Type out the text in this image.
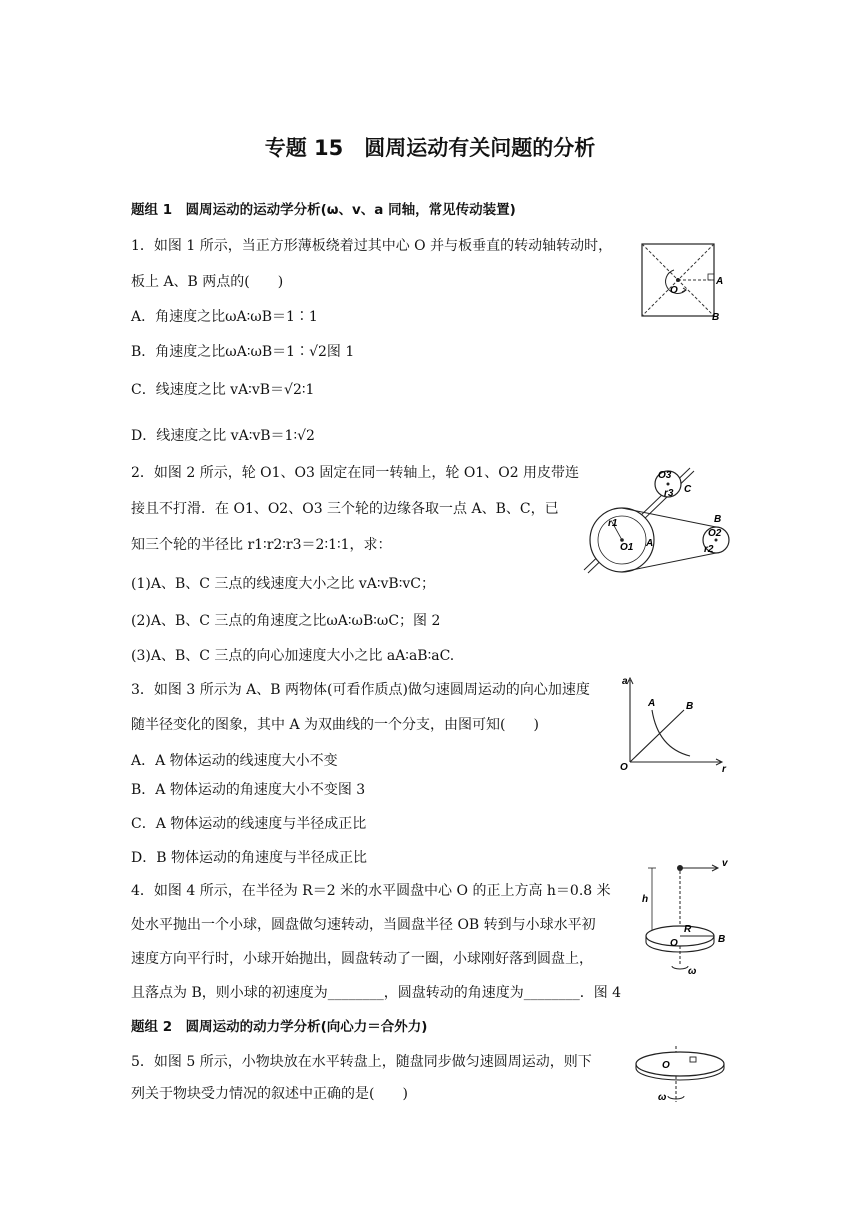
专题 15　圆周运动有关问题的分析
题组 1　圆周运动的运动学分析(ω、v、a 同轴，常见传动装置)
1．如图 1 所示，当正方形薄板绕着过其中心 O 并与板垂直的转动轴转动时，
板上 A、B 两点的(　　)
A．角速度之比ωA∶ωB＝1∶1
B．角速度之比ωA∶ωB＝1∶√2图 1
C．线速度之比 vA∶vB＝√2∶1
D．线速度之比 vA∶vB＝1∶√2
O
A
B
2．如图 2 所示，轮 O1、O3 固定在同一转轴上，轮 O1、O2 用皮带连
接且不打滑．在 O1、O2、O3 三个轮的边缘各取一点 A、B、C，已
知三个轮的半径比 r1∶r2∶r3＝2∶1∶1，求：
(1)A、B、C 三点的线速度大小之比 vA∶vB∶vC；
(2)A、B、C 三点的角速度之比ωA∶ωB∶ωC；图 2
(3)A、B、C 三点的向心加速度大小之比 aA∶aB∶aC.
O3
C
r3
r1
O1 A
B
O2
r2
3．如图 3 所示为 A、B 两物体(可看作质点)做匀速圆周运动的向心加速度
随半径变化的图象，其中 A 为双曲线的一个分支，由图可知(　　)
A．A 物体运动的线速度大小不变
B．A 物体运动的角速度大小不变图 3
C．A 物体运动的线速度与半径成正比
D．B 物体运动的角速度与半径成正比
a
A	B
O	r
4．如图 4 所示，在半径为 R＝2 米的水平圆盘中心 O 的正上方高 h＝0.8 米
处水平抛出一个小球，圆盘做匀速转动，当圆盘半径 OB 转到与小球水平初
速度方向平行时，小球开始抛出，圆盘转动了一圈，小球刚好落到圆盘上，
且落点为 B，则小球的初速度为________，圆盘转动的角速度为________．图 4
v
h
R
O	B
ω
题组 2　圆周运动的动力学分析(向心力＝合外力)
5．如图 5 所示，小物块放在水平转盘上，随盘同步做匀速圆周运动，则下
列关于物块受力情况的叙述中正确的是(　　)
O
ω
